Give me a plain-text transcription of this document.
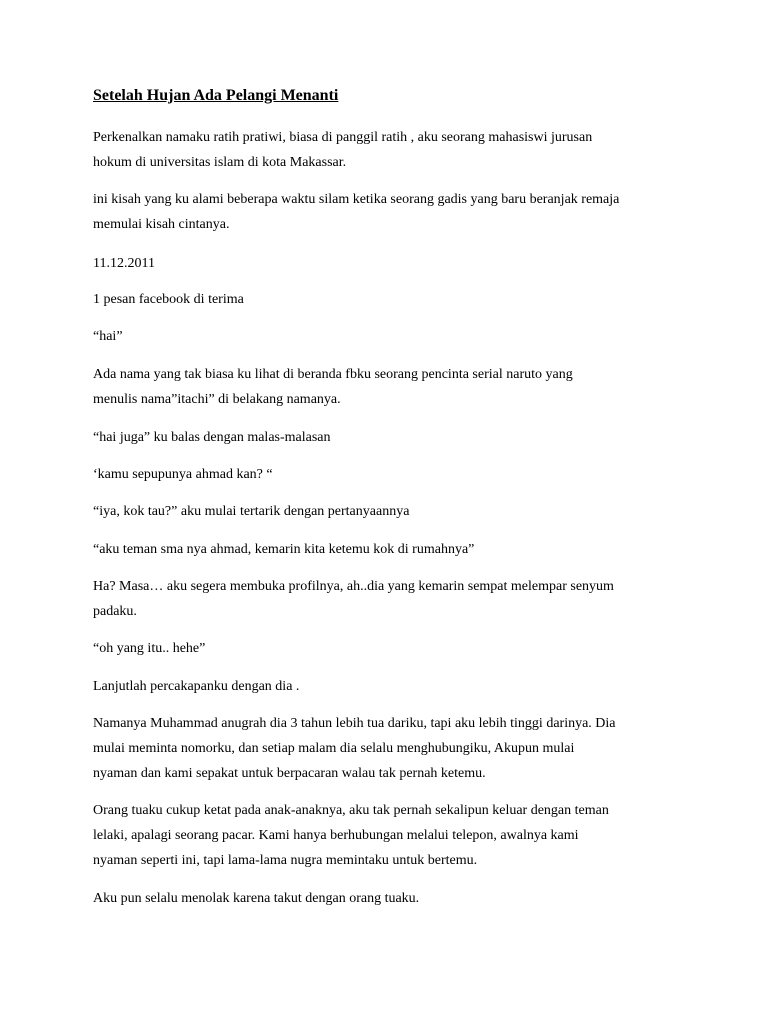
Setelah Hujan Ada Pelangi Menanti

Perkenalkan namaku ratih pratiwi, biasa di panggil ratih , aku seorang mahasiswi jurusan
hokum di universitas islam di kota Makassar.

ini kisah yang ku alami beberapa waktu silam ketika seorang gadis yang baru beranjak remaja
memulai kisah cintanya.

11.12.2011

1 pesan facebook di terima

“hai”

Ada nama yang tak biasa ku lihat di beranda fbku seorang pencinta serial naruto yang
menulis nama”itachi” di belakang namanya.

“hai juga” ku balas dengan malas-malasan

‘kamu sepupunya ahmad kan? “

“iya, kok tau?” aku mulai tertarik dengan pertanyaannya

“aku teman sma nya ahmad, kemarin kita ketemu kok di rumahnya”

Ha? Masa… aku segera membuka profilnya, ah..dia yang kemarin sempat melempar senyum
padaku.

“oh yang itu.. hehe”

Lanjutlah percakapanku dengan dia .

Namanya Muhammad anugrah dia 3 tahun lebih tua dariku, tapi aku lebih tinggi darinya. Dia
mulai meminta nomorku, dan setiap malam dia selalu menghubungiku, Akupun mulai
nyaman dan kami sepakat untuk berpacaran walau tak pernah ketemu.

Orang tuaku cukup ketat pada anak-anaknya, aku tak pernah sekalipun keluar dengan teman
lelaki, apalagi seorang pacar. Kami hanya berhubungan melalui telepon, awalnya kami
nyaman seperti ini, tapi lama-lama nugra memintaku untuk bertemu.

Aku pun selalu menolak karena takut dengan orang tuaku.
